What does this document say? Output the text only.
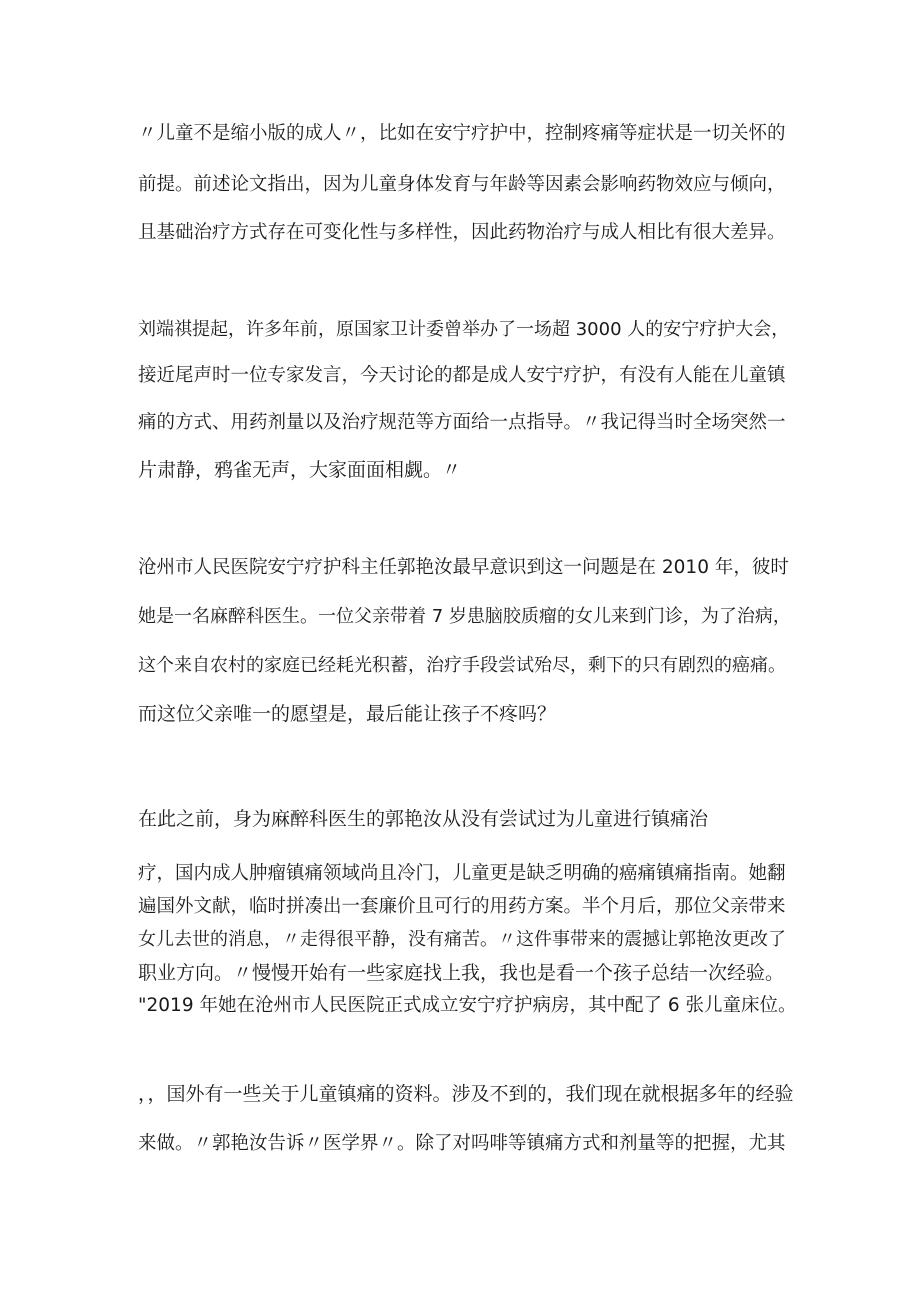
〃儿童不是缩小版的成人〃，比如在安宁疗护中，控制疼痛等症状是一切关怀的
前提。前述论文指出，因为儿童身体发育与年龄等因素会影响药物效应与倾向，
且基础治疗方式存在可变化性与多样性，因此药物治疗与成人相比有很大差异。
刘端祺提起，许多年前，原国家卫计委曾举办了一场超 3000 人的安宁疗护大会，
接近尾声时一位专家发言，今天讨论的都是成人安宁疗护，有没有人能在儿童镇
痛的方式、用药剂量以及治疗规范等方面给一点指导。〃我记得当时全场突然一
片肃静，鸦雀无声，大家面面相觑。〃
沧州市人民医院安宁疗护科主任郭艳汝最早意识到这一问题是在 2010 年，彼时
她是一名麻醉科医生。一位父亲带着 7 岁患脑胶质瘤的女儿来到门诊，为了治病，
这个来自农村的家庭已经耗光积蓄，治疗手段尝试殆尽，剩下的只有剧烈的癌痛。
而这位父亲唯一的愿望是，最后能让孩子不疼吗？
在此之前，身为麻醉科医生的郭艳汝从没有尝试过为儿童进行镇痛治
疗，国内成人肿瘤镇痛领域尚且冷门，儿童更是缺乏明确的癌痛镇痛指南。她翻
遍国外文献，临时拼凑出一套廉价且可行的用药方案。半个月后，那位父亲带来
女儿去世的消息，〃走得很平静，没有痛苦。〃这件事带来的震撼让郭艳汝更改了
职业方向。〃慢慢开始有一些家庭找上我，我也是看一个孩子总结一次经验。
"2019 年她在沧州市人民医院正式成立安宁疗护病房，其中配了 6 张儿童床位。
，，国外有一些关于儿童镇痛的资料。涉及不到的，我们现在就根据多年的经验
来做。〃郭艳汝告诉〃医学界〃。除了对吗啡等镇痛方式和剂量等的把握，尤其
